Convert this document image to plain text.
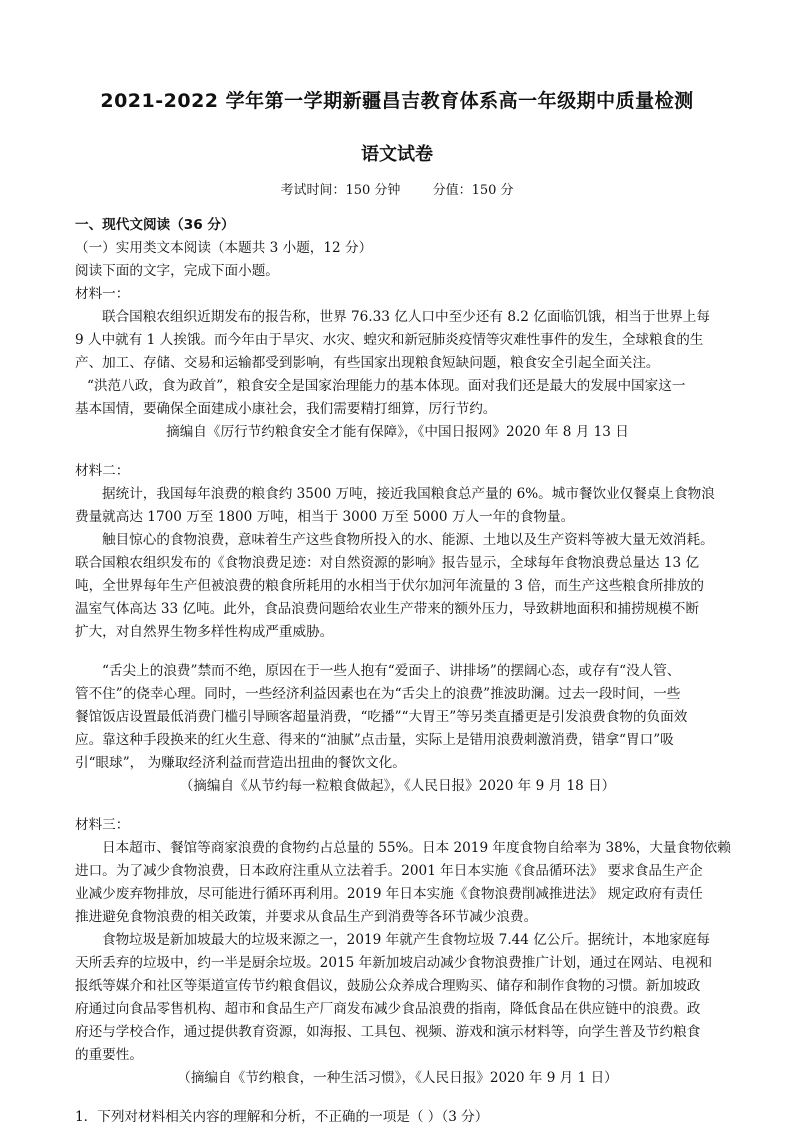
2021-2022 学年第一学期新疆昌吉教育体系高一年级期中质量检测
语文试卷
考试时间：150 分钟 分值：150 分
一、现代文阅读（36 分）
（一）实用类文本阅读（本题共 3 小题，12 分）
阅读下面的文字，完成下面小题。
材料一：
联合国粮农组织近期发布的报告称，世界 76.33 亿人口中至少还有 8.2 亿面临饥饿，相当于世界上每
9 人中就有 1 人挨饿。而今年由于旱灾、水灾、蝗灾和新冠肺炎疫情等灾难性事件的发生，全球粮食的生
产、加工、存储、交易和运输都受到影响，有些国家出现粮食短缺问题，粮食安全引起全面关注。
“洪范八政，食为政首”，粮食安全是国家治理能力的基本体现。面对我们还是最大的发展中国家这一
基本国情，要确保全面建成小康社会，我们需要精打细算，厉行节约。
摘编自《厉行节约粮食安全才能有保障》，《中国日报网》2020 年 8 月 13 日
材料二：
据统计，我国每年浪费的粮食约 3500 万吨，接近我国粮食总产量的 6%。城市餐饮业仅餐桌上食物浪
费量就高达 1700 万至 1800 万吨，相当于 3000 万至 5000 万人一年的食物量。
触目惊心的食物浪费，意味着生产这些食物所投入的水、能源、土地以及生产资料等被大量无效消耗。
联合国粮农组织发布的《食物浪费足迹：对自然资源的影响》报告显示，全球每年食物浪费总量达 13 亿
吨，全世界每年生产但被浪费的粮食所耗用的水相当于伏尔加河年流量的 3 倍，而生产这些粮食所排放的
温室气体高达 33 亿吨。此外，食品浪费问题给农业生产带来的额外压力，导致耕地面积和捕捞规模不断
扩大，对自然界生物多样性构成严重威胁。
“舌尖上的浪费”禁而不绝，原因在于一些人抱有“爱面子、讲排场”的摆阔心态，或存有“没人管、
管不住”的侥幸心理。同时，一些经济利益因素也在为“舌尖上的浪费”推波助澜。过去一段时间，一些
餐馆饭店设置最低消费门槛引导顾客超量消费，“吃播”“大胃王”等另类直播更是引发浪费食物的负面效
应。靠这种手段换来的红火生意、得来的“油腻”点击量，实际上是错用浪费刺激消费，错拿“胃口”吸
引“眼球”， 为赚取经济利益而营造出扭曲的餐饮文化。
（摘编自《从节约每一粒粮食做起》，《人民日报》2020 年 9 月 18 日）
材料三：
日本超市、餐馆等商家浪费的食物约占总量的 55%。日本 2019 年度食物自给率为 38%，大量食物依赖
进口。为了减少食物浪费，日本政府注重从立法着手。2001 年日本实施《食品循环法》 要求食品生产企
业减少废弃物排放，尽可能进行循环再利用。2019 年日本实施《食物浪费削减推进法》 规定政府有责任
推进避免食物浪费的相关政策，并要求从食品生产到消费等各环节减少浪费。
食物垃圾是新加坡最大的垃圾来源之一，2019 年就产生食物垃圾 7.44 亿公斤。据统计，本地家庭每
天所丢弃的垃圾中，约一半是厨余垃圾。2015 年新加坡启动减少食物浪费推广计划，通过在网站、电视和
报纸等媒介和社区等渠道宣传节约粮食倡议，鼓励公众养成合理购买、储存和制作食物的习惯。新加坡政
府通过向食品零售机构、超市和食品生产厂商发布减少食品浪费的指南，降低食品在供应链中的浪费。政
府还与学校合作，通过提供教育资源，如海报、工具包、视频、游戏和演示材料等，向学生普及节约粮食
的重要性。
（摘编自《节约粮食，一种生活习惯》，《人民日报》2020 年 9 月 1 日）
1．下列对材料相关内容的理解和分析，不正确的一项是（ ）（3 分）
